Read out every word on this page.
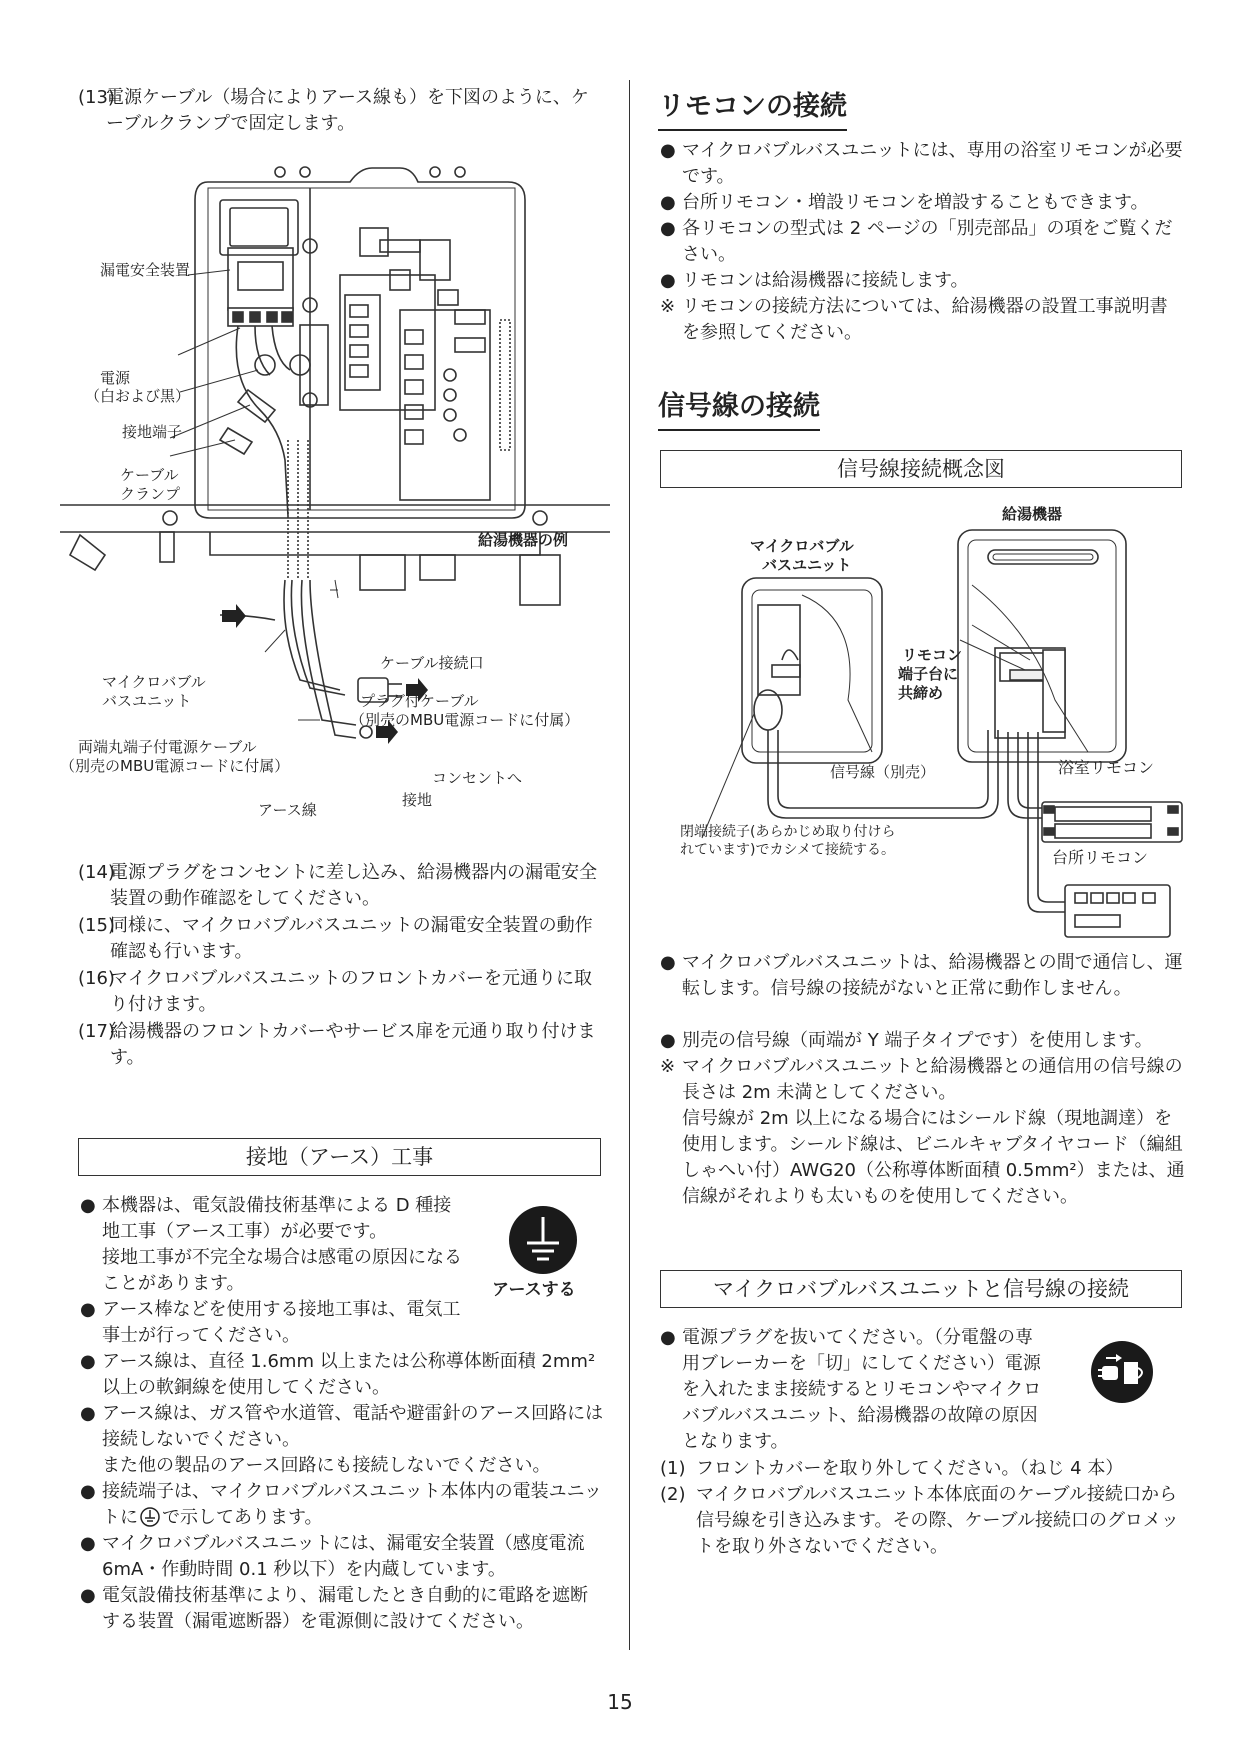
(13)
電源ケーブル（場合によりアース線も）を下図のように、ケーブルクランプで固定します。
漏電安全装置
電源
（白および黒）
接地端子
ケーブル
クランプ
給湯機器の例
ケーブル接続口
マイクロバブル
バスユニット	プラグ付ケーブル
（別売のMBU電源コードに付属）
両端丸端子付電源ケーブル
（別売のMBU電源コードに付属）
コンセントへ
接地
アース線
(14)
電源プラグをコンセントに差し込み、給湯機器内の漏電安全装置の動作確認をしてください。
(15)
同様に、マイクロバブルバスユニットの漏電安全装置の動作確認も行います。
(16)
マイクロバブルバスユニットのフロントカバーを元通りに取り付けます。
(17)
給湯機器のフロントカバーやサービス扉を元通り取り付けます。
接地（アース）工事
● 本機器は、電気設備技術基準による D 種接地工事（アース工事）が必要です。
接地工事が不完全な場合は感電の原因になることがあります。	アースする
● アース棒などを使用する接地工事は、電気工事士が行ってください。
● アース線は、直径 1.6mm 以上または公称導体断面積 2mm² 以上の軟銅線を使用してください。
● アース線は、ガス管や水道管、電話や避雷針のアース回路には接続しないでください。
また他の製品のアース回路にも接続しないでください。
● 接続端子は、マイクロバブルバスユニット本体内の電装ユニットに で示してあります。
● マイクロバブルバスユニットには、漏電安全装置（感度電流 6mA・作動時間 0.1 秒以下）を内蔵しています。
● 電気設備技術基準により、漏電したとき自動的に電路を遮断する装置（漏電遮断器）を電源側に設けてください。
リモコンの接続
● マイクロバブルバスユニットには、専用の浴室リモコンが必要です。
● 台所リモコン・増設リモコンを増設することもできます。
● 各リモコンの型式は 2 ページの「別売部品」の項をご覧ください。
● リモコンは給湯機器に接続します。
※ リモコンの接続方法については、給湯機器の設置工事説明書を参照してください。
信号線の接続
信号線接続概念図
給湯機器
マイクロバブル
バスユニット
リモコン
端子台に
共締め
信号線（別売）	浴室リモコン
台所リモコン
閉端接続子(あらかじめ取り付けら
れています)でカシメて接続する。
● マイクロバブルバスユニットは、給湯機器との間で通信し、運転します。信号線の接続がないと正常に動作しません。
● 別売の信号線（両端が Y 端子タイプです）を使用します。
※ マイクロバブルバスユニットと給湯機器との通信用の信号線の長さは 2m 未満としてください。
信号線が 2m 以上になる場合にはシールド線（現地調達）を使用します。シールド線は、ビニルキャブタイヤコード（編組しゃへい付）AWG20（公称導体断面積 0.5mm²）または、通信線がそれよりも太いものを使用してください。
マイクロバブルバスユニットと信号線の接続
● 電源プラグを抜いてください。（分電盤の専用ブレーカーを「切」にしてください）電源を入れたまま接続するとリモコンやマイクロバブルバスユニット、給湯機器の故障の原因となります。
(1) フロントカバーを取り外してください。（ねじ 4 本）
(2) マイクロバブルバスユニット本体底面のケーブル接続口から信号線を引き込みます。その際、ケーブル接続口のグロメットを取り外さないでください。
15
